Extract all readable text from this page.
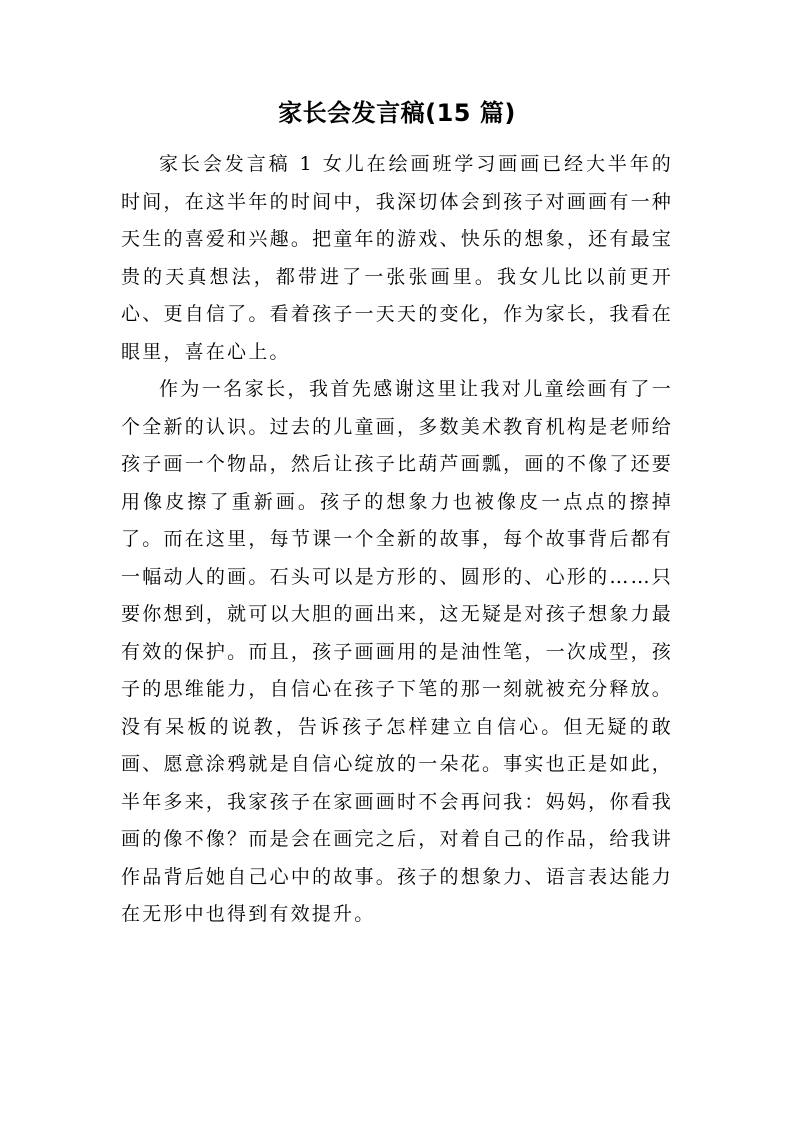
家长会发言稿(15 篇)

家长会发言稿 1 女儿在绘画班学习画画已经大半年的时间，在这半年的时间中，我深切体会到孩子对画画有一种天生的喜爱和兴趣。把童年的游戏、快乐的想象，还有最宝贵的天真想法，都带进了一张张画里。我女儿比以前更开心、更自信了。看着孩子一天天的变化，作为家长，我看在眼里，喜在心上。

作为一名家长，我首先感谢这里让我对儿童绘画有了一个全新的认识。过去的儿童画，多数美术教育机构是老师给孩子画一个物品，然后让孩子比葫芦画瓢，画的不像了还要用像皮擦了重新画。孩子的想象力也被像皮一点点的擦掉了。而在这里，每节课一个全新的故事，每个故事背后都有一幅动人的画。石头可以是方形的、圆形的、心形的……只要你想到，就可以大胆的画出来，这无疑是对孩子想象力最有效的保护。而且，孩子画画用的是油性笔，一次成型，孩子的思维能力，自信心在孩子下笔的那一刻就被充分释放。没有呆板的说教，告诉孩子怎样建立自信心。但无疑的敢画、愿意涂鸦就是自信心绽放的一朵花。事实也正是如此，半年多来，我家孩子在家画画时不会再问我：妈妈，你看我画的像不像？而是会在画完之后，对着自己的作品，给我讲作品背后她自己心中的故事。孩子的想象力、语言表达能力在无形中也得到有效提升。
